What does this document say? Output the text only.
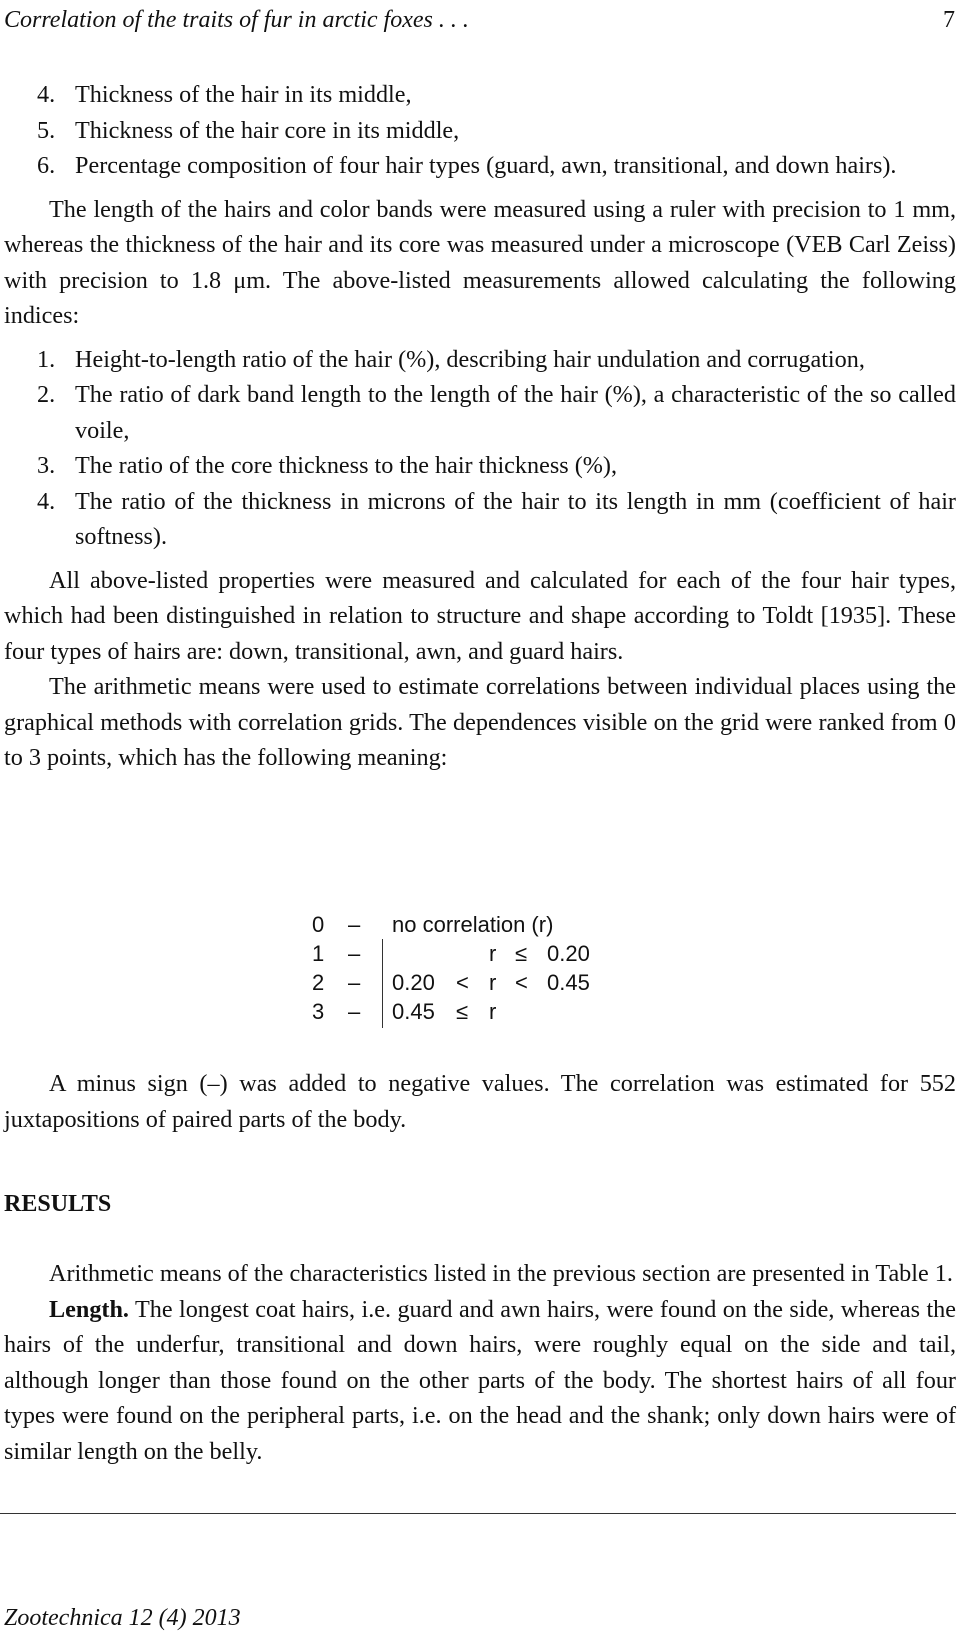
Correlation of the traits of fur in arctic foxes . . .	7
4. Thickness of the hair in its middle,
5. Thickness of the hair core in its middle,
6. Percentage composition of four hair types (guard, awn, transitional, and down hairs).

The length of the hairs and color bands were measured using a ruler with precision to 1 mm, whereas the thickness of the hair and its core was measured under a microscope (VEB Carl Zeiss) with precision to 1.8 μm. The above-listed measurements allowed calculating the following indices:

1. Height-to-length ratio of the hair (%), describing hair undulation and corrugation,
2. The ratio of dark band length to the length of the hair (%), a characteristic of the so called voile,
3. The ratio of the core thickness to the hair thickness (%),
4. The ratio of the thickness in microns of the hair to its length in mm (coefficient of hair softness).

All above-listed properties were measured and calculated for each of the four hair types, which had been distinguished in relation to structure and shape according to Toldt [1935]. These four types of hairs are: down, transitional, awn, and guard hairs.

The arithmetic means were used to estimate correlations between individual places using the graphical methods with correlation grids. The dependences visible on the grid were ranked from 0 to 3 points, which has the following meaning:

0 – no correlation (r)
1 –	r ≤ 0.20
2 – 0.20 < r < 0.45
3 – 0.45 ≤ r

A minus sign (–) was added to negative values. The correlation was estimated for 552 juxtapositions of paired parts of the body.

RESULTS

Arithmetic means of the characteristics listed in the previous section are presented in Table 1.

Length. The longest coat hairs, i.e. guard and awn hairs, were found on the side, whereas the hairs of the underfur, transitional and down hairs, were roughly equal on the side and tail, although longer than those found on the other parts of the body. The shortest hairs of all four types were found on the peripheral parts, i.e. on the head and the shank; only down hairs were of similar length on the belly.

Zootechnica 12 (4) 2013
